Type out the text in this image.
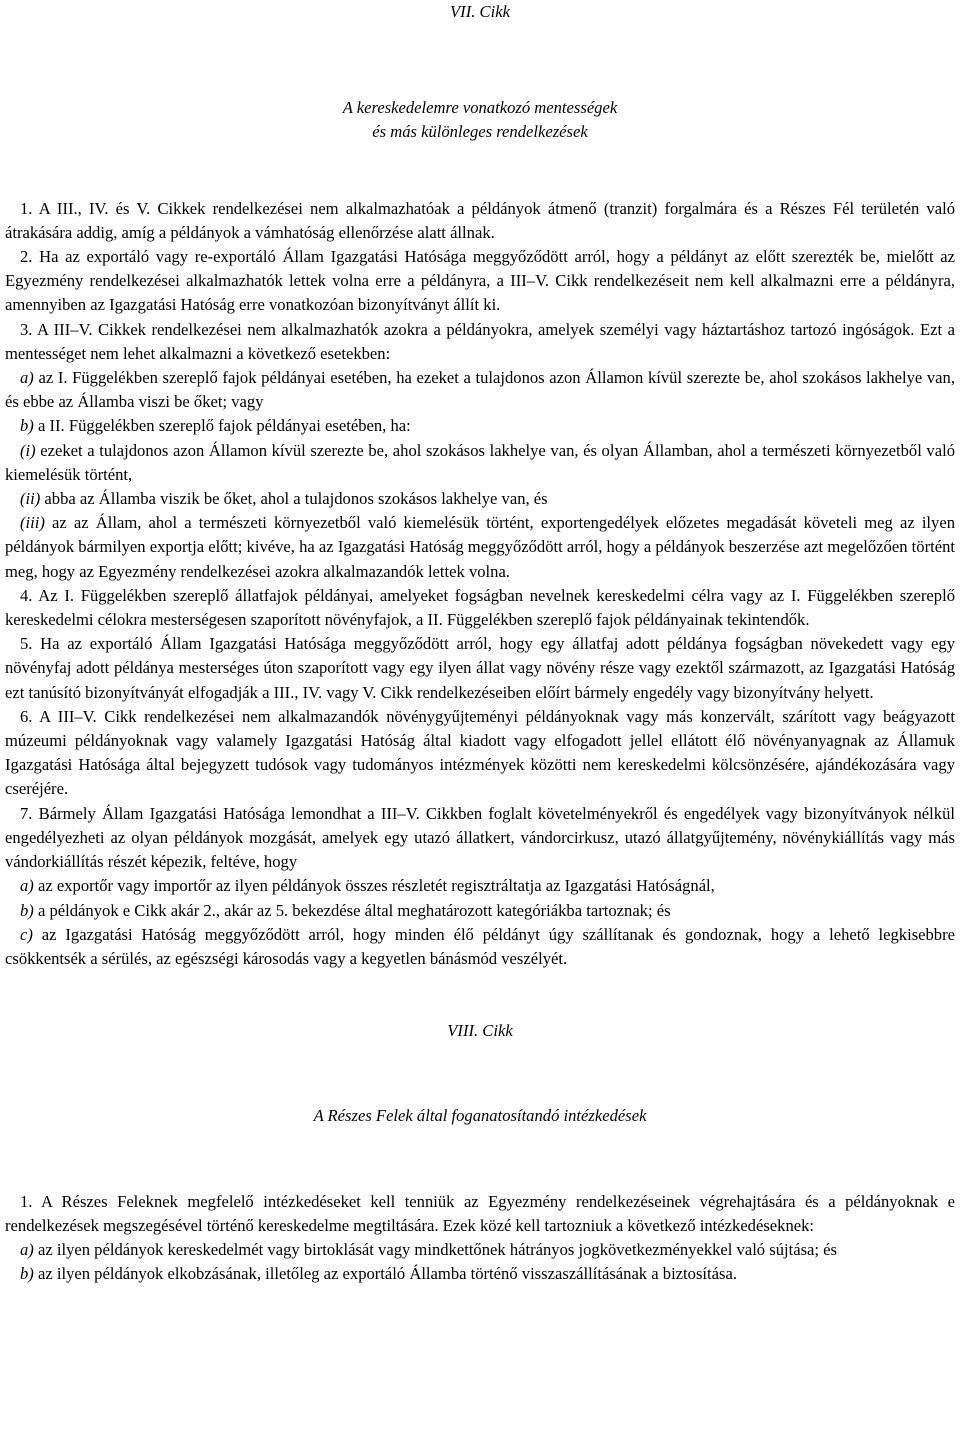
VII. Cikk

A kereskedelemre vonatkozó mentességek

és más különleges rendelkezések

1. A III., IV. és V. Cikkek rendelkezései nem alkalmazhatóak a példányok átmenő (tranzit) forgalmára és a Részes Fél területén való átrakására addig, amíg a példányok a vámhatóság ellenőrzése alatt állnak.

2. Ha az exportáló vagy re-exportáló Állam Igazgatási Hatósága meggyőződött arról, hogy a példányt az előtt szerezték be, mielőtt az Egyezmény rendelkezései alkalmazhatók lettek volna erre a példányra, a III–V. Cikk rendelkezéseit nem kell alkalmazni erre a példányra, amennyiben az Igazgatási Hatóság erre vonatkozóan bizonyítványt állít ki.

3. A III–V. Cikkek rendelkezései nem alkalmazhatók azokra a példányokra, amelyek személyi vagy háztartáshoz tartozó ingóságok. Ezt a mentességet nem lehet alkalmazni a következő esetekben:

a) az I. Függelékben szereplő fajok példányai esetében, ha ezeket a tulajdonos azon Államon kívül szerezte be, ahol szokásos lakhelye van, és ebbe az Államba viszi be őket; vagy

b) a II. Függelékben szereplő fajok példányai esetében, ha:

(i) ezeket a tulajdonos azon Államon kívül szerezte be, ahol szokásos lakhelye van, és olyan Államban, ahol a természeti környezetből való kiemelésük történt,

(ii) abba az Államba viszik be őket, ahol a tulajdonos szokásos lakhelye van, és

(iii) az az Állam, ahol a természeti környezetből való kiemelésük történt, exportengedélyek előzetes megadását követeli meg az ilyen példányok bármilyen exportja előtt; kivéve, ha az Igazgatási Hatóság meggyőződött arról, hogy a példányok beszerzése azt megelőzően történt meg, hogy az Egyezmény rendelkezései azokra alkalmazandók lettek volna.

4. Az I. Függelékben szereplő állatfajok példányai, amelyeket fogságban nevelnek kereskedelmi célra vagy az I. Függelékben szereplő kereskedelmi célokra mesterségesen szaporított növényfajok, a II. Függelékben szereplő fajok példányainak tekintendők.

5. Ha az exportáló Állam Igazgatási Hatósága meggyőződött arról, hogy egy állatfaj adott példánya fogságban növekedett vagy egy növényfaj adott példánya mesterséges úton szaporított vagy egy ilyen állat vagy növény része vagy ezektől származott, az Igazgatási Hatóság ezt tanúsító bizonyítványát elfogadják a III., IV. vagy V. Cikk rendelkezéseiben előírt bármely engedély vagy bizonyítvány helyett.

6. A III–V. Cikk rendelkezései nem alkalmazandók növénygyűjteményi példányoknak vagy más konzervált, szárított vagy beágyazott múzeumi példányoknak vagy valamely Igazgatási Hatóság által kiadott vagy elfogadott jellel ellátott élő növényanyagnak az Államuk Igazgatási Hatósága által bejegyzett tudósok vagy tudományos intézmények közötti nem kereskedelmi kölcsönzésére, ajándékozására vagy cseréjére.

7. Bármely Állam Igazgatási Hatósága lemondhat a III–V. Cikkben foglalt követelményekről és engedélyek vagy bizonyítványok nélkül engedélyezheti az olyan példányok mozgását, amelyek egy utazó állatkert, vándorcirkusz, utazó állatgyűjtemény, növénykiállítás vagy más vándorkiállítás részét képezik, feltéve, hogy

a) az exportőr vagy importőr az ilyen példányok összes részletét regisztráltatja az Igazgatási Hatóságnál,

b) a példányok e Cikk akár 2., akár az 5. bekezdése által meghatározott kategóriákba tartoznak; és

c) az Igazgatási Hatóság meggyőződött arról, hogy minden élő példányt úgy szállítanak és gondoznak, hogy a lehető legkisebbre csökkentsék a sérülés, az egészségi károsodás vagy a kegyetlen bánásmód veszélyét.

VIII. Cikk

A Részes Felek által foganatosítandó intézkedések

1. A Részes Feleknek megfelelő intézkedéseket kell tenniük az Egyezmény rendelkezéseinek végrehajtására és a példányoknak e rendelkezések megszegésével történő kereskedelme megtiltására. Ezek közé kell tartozniuk a következő intézkedéseknek:

a) az ilyen példányok kereskedelmét vagy birtoklását vagy mindkettőnek hátrányos jogkövetkezményekkel való sújtása; és

b) az ilyen példányok elkobzásának, illetőleg az exportáló Államba történő visszaszállításának a biztosítása.
